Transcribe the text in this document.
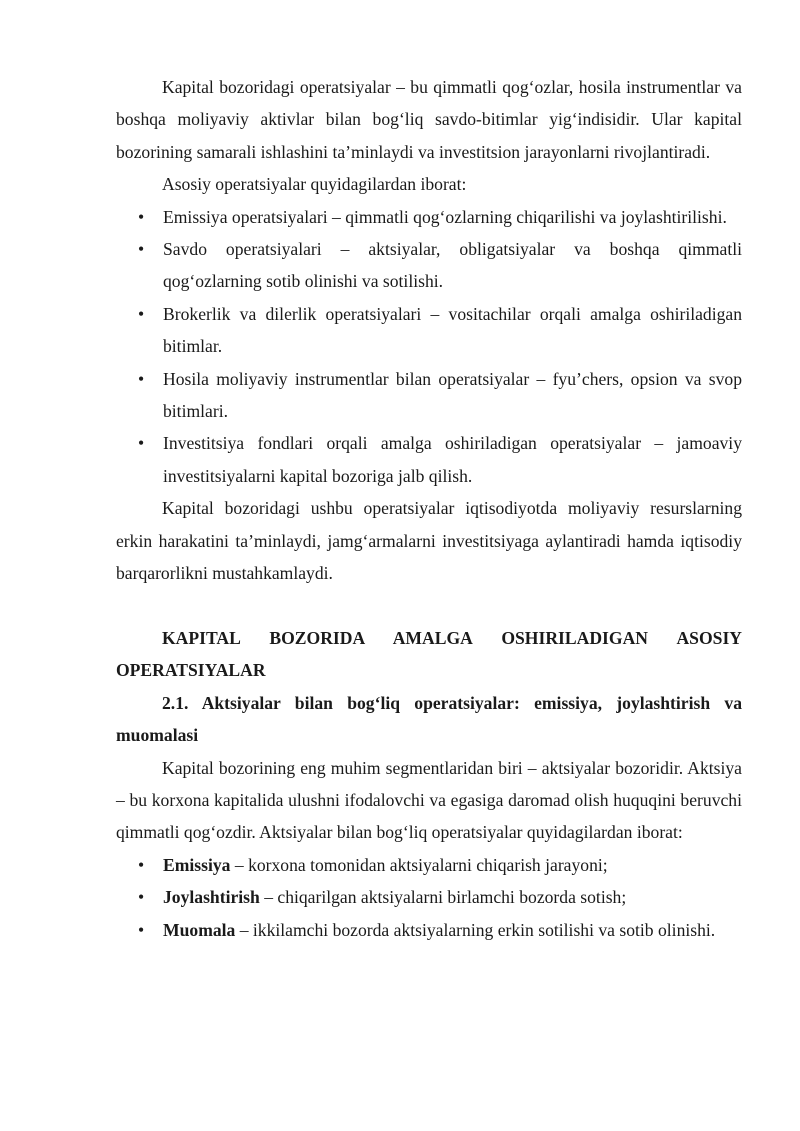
Kapital bozoridagi operatsiyalar – bu qimmatli qog‘ozlar, hosila instrumentlar va boshqa moliyaviy aktivlar bilan bog‘liq savdo-bitimlar yig‘indisidir. Ular kapital bozorining samarali ishlashini ta’minlaydi va investitsion jarayonlarni rivojlantiradi.

Asosiy operatsiyalar quyidagilardan iborat:

• Emissiya operatsiyalari – qimmatli qog‘ozlarning chiqarilishi va joylashtirilishi.
• Savdo operatsiyalari – aktsiyalar, obligatsiyalar va boshqa qimmatli qog‘ozlarning sotib olinishi va sotilishi.
• Brokerlik va dilerlik operatsiyalari – vositachilar orqali amalga oshiriladigan bitimlar.
• Hosila moliyaviy instrumentlar bilan operatsiyalar – fyu’chers, opsion va svop bitimlari.
• Investitsiya fondlari orqali amalga oshiriladigan operatsiyalar – jamoaviy investitsiyalarni kapital bozoriga jalb qilish.

Kapital bozoridagi ushbu operatsiyalar iqtisodiyotda moliyaviy resurslarning erkin harakatini ta’minlaydi, jamg‘armalarni investitsiyaga aylantiradi hamda iqtisodiy barqarorlikni mustahkamlaydi.

KAPITAL BOZORIDA AMALGA OSHIRILADIGAN ASOSIY

OPERATSIYALAR

2.1. Aktsiyalar bilan bog‘liq operatsiyalar: emissiya, joylashtirish va muomalasi

Kapital bozorining eng muhim segmentlaridan biri – aktsiyalar bozoridir. Aktsiya – bu korxona kapitalida ulushni ifodalovchi va egasiga daromad olish huquqini beruvchi qimmatli qog‘ozdir. Aktsiyalar bilan bog‘liq operatsiyalar quyidagilardan iborat:

• Emissiya – korxona tomonidan aktsiyalarni chiqarish jarayoni;
• Joylashtirish – chiqarilgan aktsiyalarni birlamchi bozorda sotish;
• Muomala – ikkilamchi bozorda aktsiyalarning erkin sotilishi va sotib olinishi.
